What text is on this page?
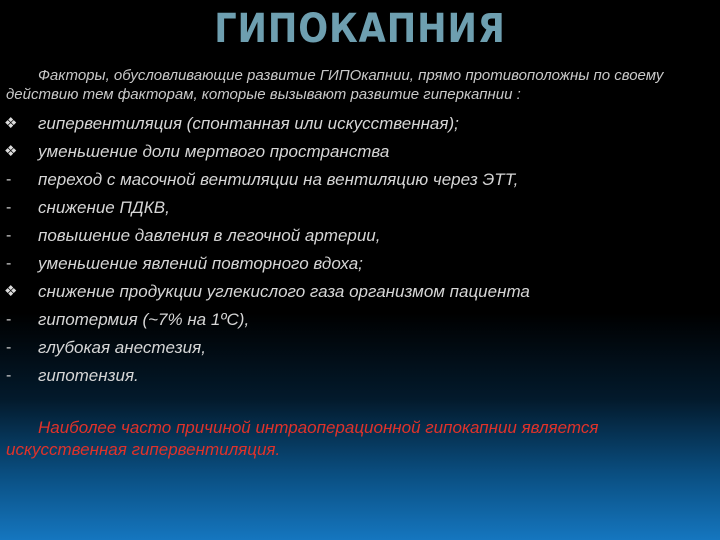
ГИПОКАПНИЯ
Факторы, обусловливающие развитие ГИПОкапнии, прямо противоположны по своему действию тем факторам, которые вызывают развитие гиперкапнии :
❖	гипервентиляция (спонтанная или искусственная);
❖	уменьшение доли мертвого пространства
-	переход с масочной вентиляции на вентиляцию через ЭТТ,
-	снижение ПДКВ,
-	повышение давления в легочной артерии,
-	уменьшение явлений повторного вдоха;
❖	снижение продукции углекислого газа организмом пациента
-	гипотермия (~7% на 1ºС),
-	глубокая анестезия,
-	гипотензия.
Наиболее часто причиной интраоперационной гипокапнии является искусственная гипервентиляция.
